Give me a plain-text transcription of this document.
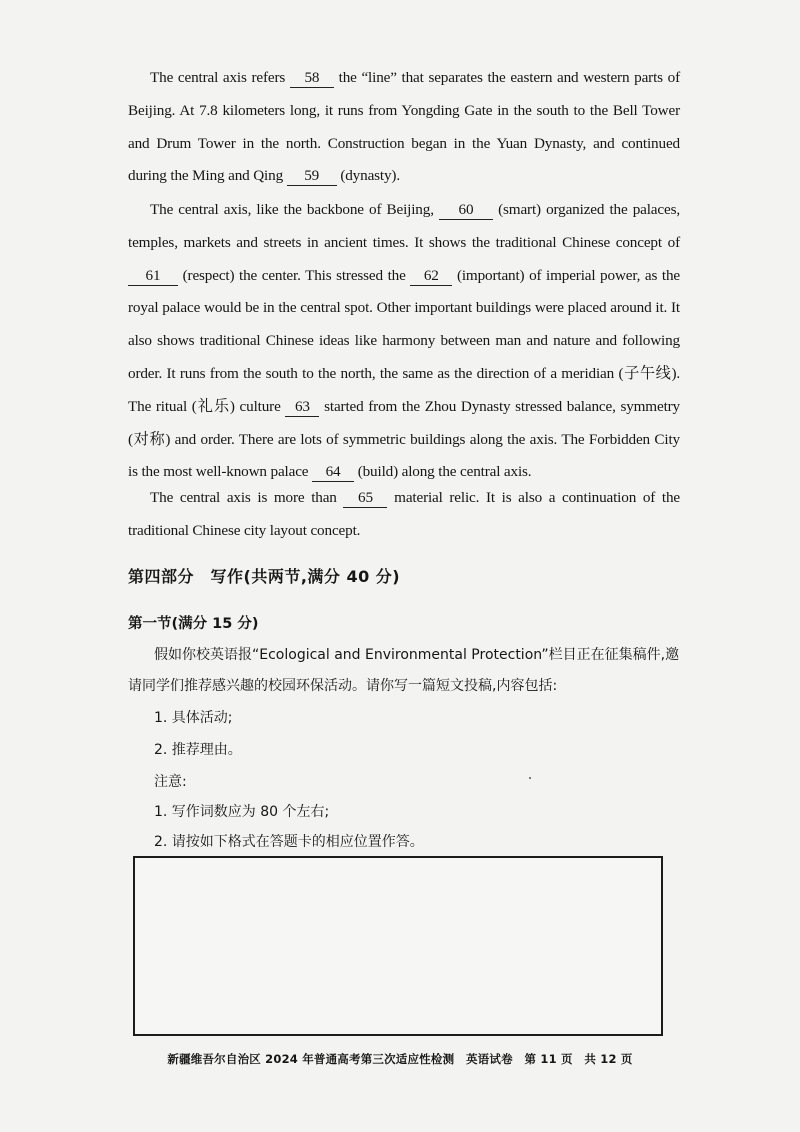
The central axis refers 58 the “line” that separates the eastern and western parts of Beijing. At 7.8 kilometers long, it runs from Yongding Gate in the south to the Bell Tower and Drum Tower in the north. Construction began in the Yuan Dynasty, and continued during the Ming and Qing 59 (dynasty).
The central axis, like the backbone of Beijing, 60 (smart) organized the palaces, temples, markets and streets in ancient times. It shows the traditional Chinese concept of 61 (respect) the center. This stressed the 62 (important) of imperial power, as the royal palace would be in the central spot. Other important buildings were placed around it. It also shows traditional Chinese ideas like harmony between man and nature and following order. It runs from the south to the north, the same as the direction of a meridian (子午线). The ritual (礼乐) culture 63 started from the Zhou Dynasty stressed balance, symmetry (对称) and order. There are lots of symmetric buildings along the axis. The Forbidden City is the most well-known palace 64 (build) along the central axis.
The central axis is more than 65 material relic. It is also a continuation of the traditional Chinese city layout concept.
第四部分　写作(共两节,满分 40 分)
第一节(满分 15 分)
假如你校英语报“Ecological and Environmental Protection”栏目正在征集稿件,邀请同学们推荐感兴趣的校园环保活动。请你写一篇短文投稿,内容包括:
1. 具体活动;
2. 推荐理由。
注意:
1. 写作词数应为 80 个左右;
2. 请按如下格式在答题卡的相应位置作答。
新疆维吾尔自治区 2024 年普通高考第三次适应性检测　英语试卷　第 11 页　共 12 页
